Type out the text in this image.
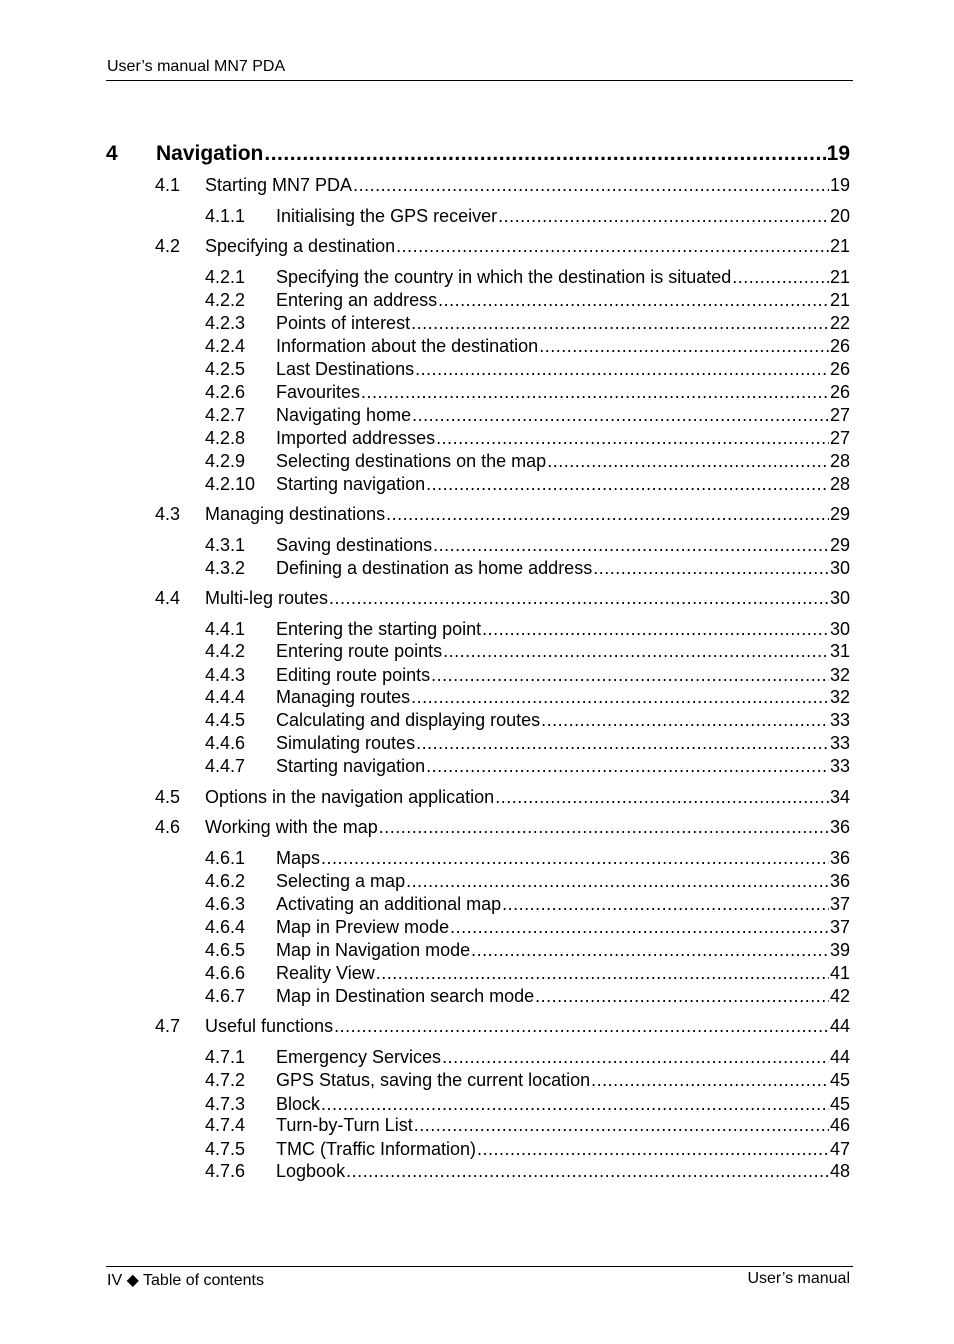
User’s manual MN7 PDA
4	Navigation .....	19
4.1	Starting MN7 PDA .....	19
4.1.1	Initialising the GPS receiver .....	20
4.2	Specifying a destination .....	21
4.2.1	Specifying the country in which the destination is situated .....	21
4.2.2	Entering an address .....	21
4.2.3	Points of interest .....	22
4.2.4	Information about the destination .....	26
4.2.5	Last Destinations .....	26
4.2.6	Favourites .....	26
4.2.7	Navigating home .....	27
4.2.8	Imported addresses .....	27
4.2.9	Selecting destinations on the map .....	28
4.2.10	Starting navigation .....	28
4.3	Managing destinations .....	29
4.3.1	Saving destinations .....	29
4.3.2	Defining a destination as home address .....	30
4.4	Multi-leg routes .....	30
4.4.1	Entering the starting point .....	30
4.4.2	Entering route points .....	31
4.4.3	Editing route points .....	32
4.4.4	Managing routes .....	32
4.4.5	Calculating and displaying routes .....	33
4.4.6	Simulating routes .....	33
4.4.7	Starting navigation .....	33
4.5	Options in the navigation application .....	34
4.6	Working with the map .....	36
4.6.1	Maps .....	36
4.6.2	Selecting a map .....	36
4.6.3	Activating an additional map .....	37
4.6.4	Map in Preview mode .....	37
4.6.5	Map in Navigation mode .....	39
4.6.6	Reality View .....	41
4.6.7	Map in Destination search mode .....	42
4.7	Useful functions .....	44
4.7.1	Emergency Services .....	44
4.7.2	GPS Status, saving the current location .....	45
4.7.3	Block .....	45
4.7.4	Turn-by-Turn List .....	46
4.7.5	TMC (Traffic Information) .....	47
4.7.6	Logbook .....	48
IV ◆ Table of contents	User’s manual
